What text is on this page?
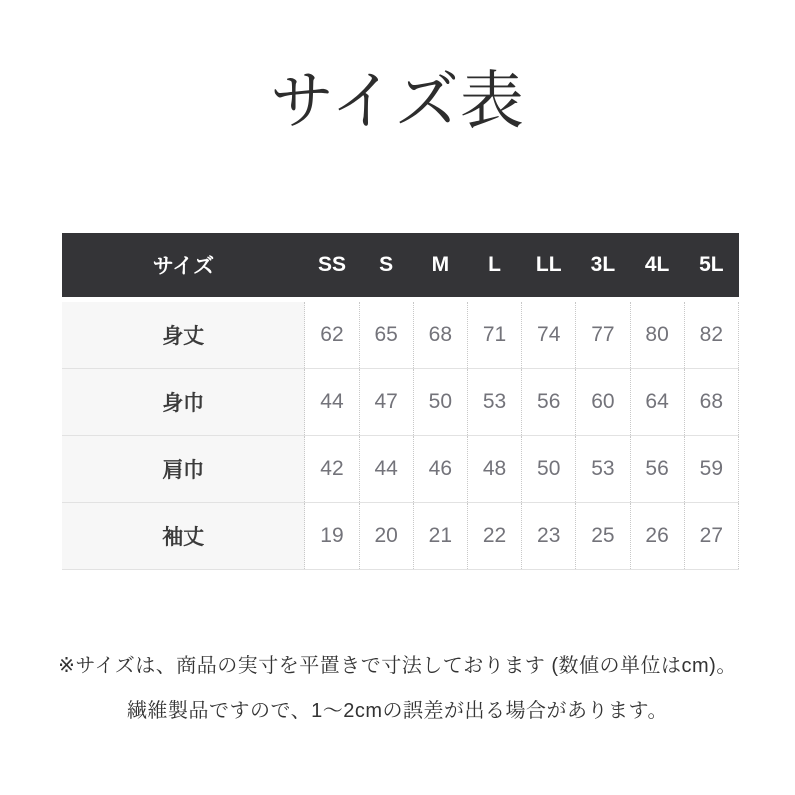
サイズ表
サイズ	SS	S	M	L	LL	3L	4L	5L
身丈	62	65	68	71	74	77	80	82
身巾	44	47	50	53	56	60	64	68
肩巾	42	44	46	48	50	53	56	59
袖丈	19	20	21	22	23	25	26	27

※サイズは、商品の実寸を平置きで寸法しております (数値の単位はcm)。

繊維製品ですので、1〜2cmの誤差が出る場合があります。
